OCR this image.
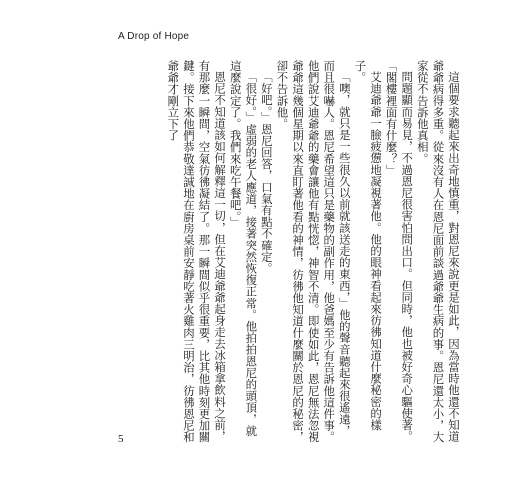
A Drop of Hope

這個要求聽起來出奇地慎重，對恩尼來說更是如此，因為當時他還不知道爺爺病得多重。從來沒有人在恩尼面前談過爺爺生病的事。恩尼還太小，大家從不告訴他真相。

問題顯而易見，不過恩尼很害怕問出口。但同時，他也被好奇心驅使著。「閣樓裡面有什麼？」

艾迪爺爺一臉疲憊地凝視著他。他的眼神看起來彷彿知道什麼秘密的樣子。

「噢，就只是一些很久以前就該送走的東西，」他的聲音聽起來很遙遠，而且很嚇人。恩尼希望這只是藥物的副作用，他爸媽至少有告訴他這件事。他們說艾迪爺爺的藥會讓他有點恍惚，神智不清。即使如此，恩尼無法忽視爺爺這幾個星期以來直盯著他看的神情，彷彿他知道什麼關於恩尼的秘密，卻不告訴他。

「好吧。」恩尼回答，口氣有點不確定。

「很好。」虛弱的老人應道，接著突然恢復正常。他拍拍恩尼的頭頂，就這麼說定了。我們來吃午餐吧。」

恩尼不知道該如何解釋這一切，但在艾迪爺爺起身走去冰箱拿飲料之前，有那麼一瞬間，空氣彷彿凝結了。那一瞬間似乎很重要，比其他時刻更加關鍵。接下來他們恭敬達誠地在廚房桌前安靜吃著火雞肉三明治，彷彿恩尼和爺爺才剛立下了

5
